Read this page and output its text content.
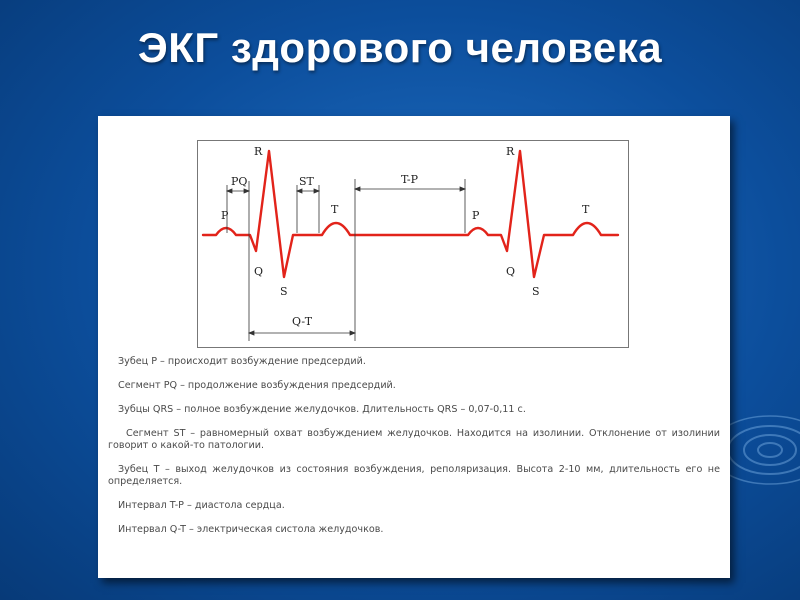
ЭКГ здорового человека
P
PQ
R
Q
S
ST
T
T-P
Q-T
P
R
Q
S
T

Зубец P – происходит возбуждение предсердий.

Сегмент PQ – продолжение возбуждения предсердий.

Зубцы QRS – полное возбуждение желудочков. Длительность QRS – 0,07-0,11 с.

Сегмент ST – равномерный охват возбуждением желудочков. Находится на изолинии. Отклонение от изолинии говорит о какой-то патологии.

Зубец T – выход желудочков из состояния возбуждения, реполяризация. Высота 2-10 мм, длительность его не определяется.

Интервал T-P – диастола сердца.

Интервал Q-T – электрическая систола желудочков.
